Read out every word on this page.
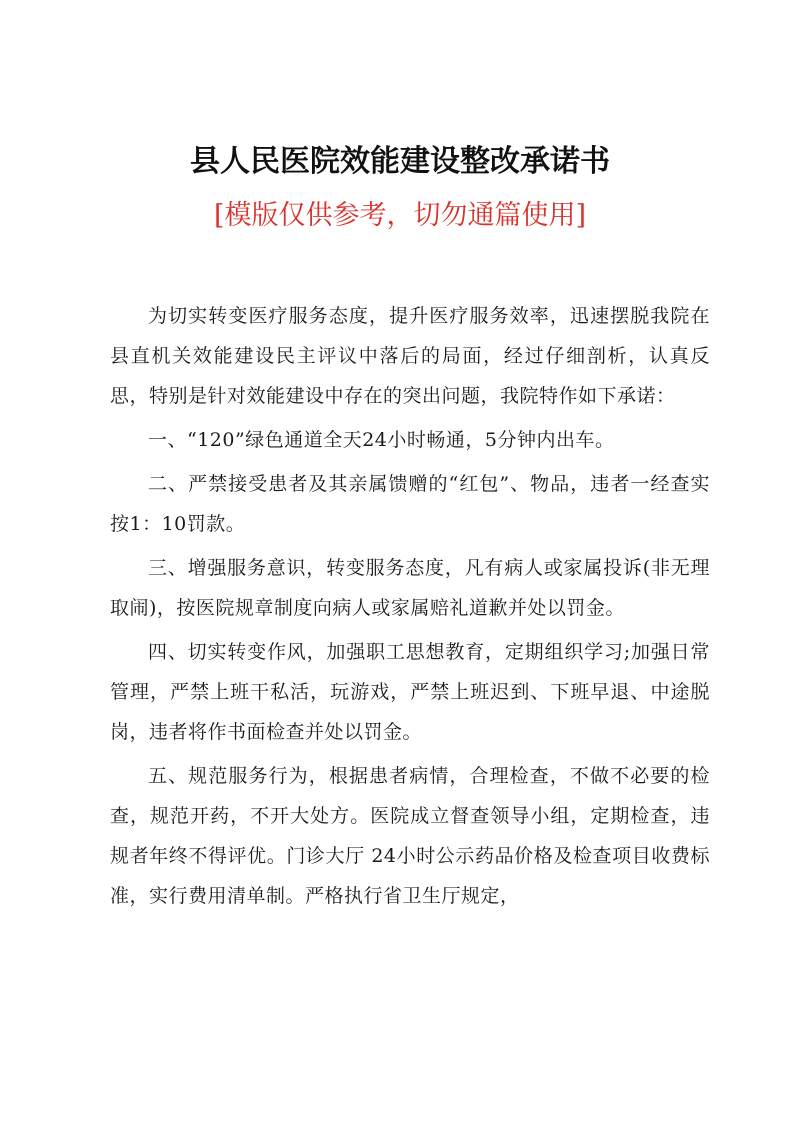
县人民医院效能建设整改承诺书
[模版仅供参考，切勿通篇使用]

为切实转变医疗服务态度，提升医疗服务效率，迅速摆脱我院在县直机关效能建设民主评议中落后的局面，经过仔细剖析，认真反思，特别是针对效能建设中存在的突出问题，我院特作如下承诺：

一、“120”绿色通道全天24小时畅通，5分钟内出车。

二、严禁接受患者及其亲属馈赠的“红包”、物品，违者一经查实按1：10罚款。

三、增强服务意识，转变服务态度，凡有病人或家属投诉(非无理取闹)，按医院规章制度向病人或家属赔礼道歉并处以罚金。

四、切实转变作风，加强职工思想教育，定期组织学习;加强日常管理，严禁上班干私活，玩游戏，严禁上班迟到、下班早退、中途脱岗，违者将作书面检查并处以罚金。

五、规范服务行为，根据患者病情，合理检查，不做不必要的检查，规范开药，不开大处方。医院成立督查领导小组，定期检查，违规者年终不得评优。门诊大厅 24小时公示药品价格及检查项目收费标准，实行费用清单制。严格执行省卫生厅规定，
